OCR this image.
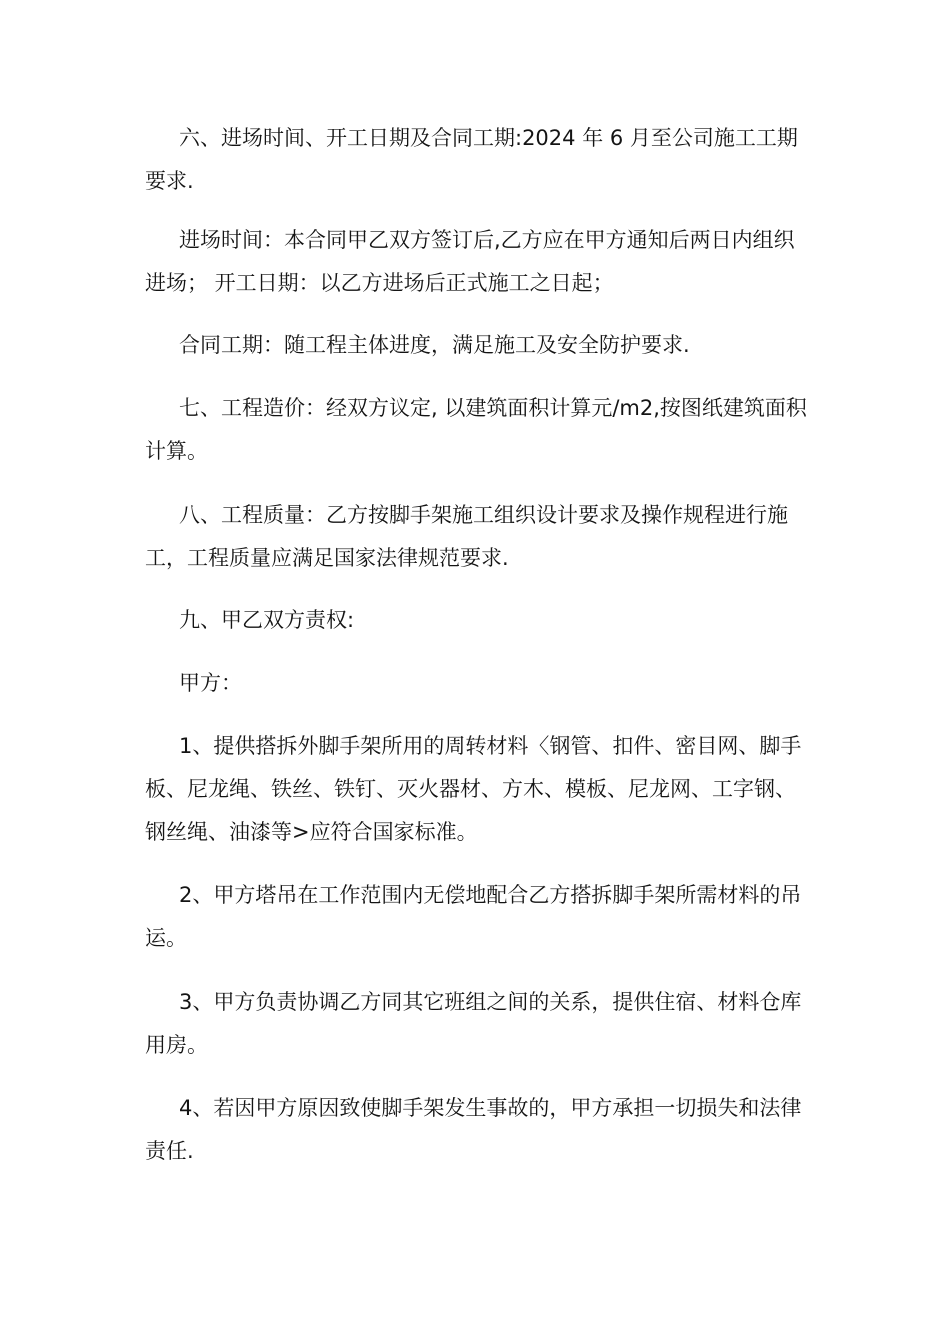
六、进场时间、开工日期及合同工期:2024 年 6 月至公司施工工期要求.

进场时间：本合同甲乙双方签订后,乙方应在甲方通知后两日内组织进场； 开工日期：以乙方进场后正式施工之日起；

合同工期：随工程主体进度，满足施工及安全防护要求.

七、工程造价：经双方议定, 以建筑面积计算元/m2,按图纸建筑面积计算。

八、工程质量：乙方按脚手架施工组织设计要求及操作规程进行施工，工程质量应满足国家法律规范要求.

九、甲乙双方责权:

甲方：

1、提供搭拆外脚手架所用的周转材料〈钢管、扣件、密目网、脚手板、尼龙绳、铁丝、铁钉、灭火器材、方木、模板、尼龙网、工字钢、钢丝绳、油漆等>应符合国家标准。

2、甲方塔吊在工作范围内无偿地配合乙方搭拆脚手架所需材料的吊运。

3、甲方负责协调乙方同其它班组之间的关系，提供住宿、材料仓库用房。

4、若因甲方原因致使脚手架发生事故的，甲方承担一切损失和法律责任.
